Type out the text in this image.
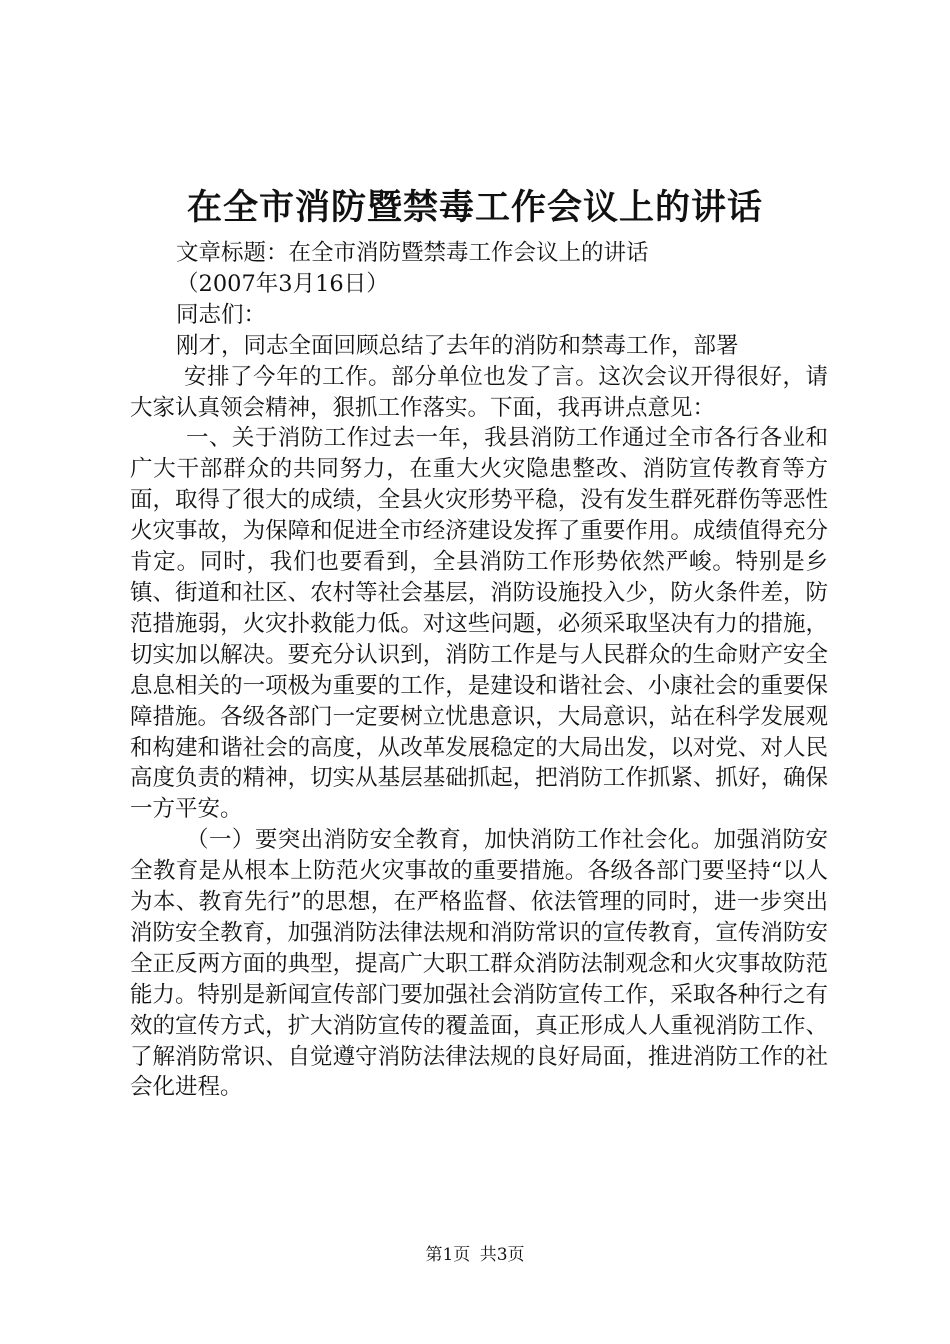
在全市消防暨禁毒工作会议上的讲话

文章标题：在全市消防暨禁毒工作会议上的讲话

（2007年3月16日）

同志们：

刚才，同志全面回顾总结了去年的消防和禁毒工作，部署

安排了今年的工作。部分单位也发了言。这次会议开得很好，请大家认真领会精神，狠抓工作落实。下面，我再讲点意见：

一、关于消防工作过去一年，我县消防工作通过全市各行各业和广大干部群众的共同努力，在重大火灾隐患整改、消防宣传教育等方面，取得了很大的成绩，全县火灾形势平稳，没有发生群死群伤等恶性火灾事故，为保障和促进全市经济建设发挥了重要作用。成绩值得充分肯定。同时，我们也要看到，全县消防工作形势依然严峻。特别是乡镇、街道和社区、农村等社会基层，消防设施投入少，防火条件差，防范措施弱，火灾扑救能力低。对这些问题，必须采取坚决有力的措施，切实加以解决。要充分认识到，消防工作是与人民群众的生命财产安全息息相关的一项极为重要的工作，是建设和谐社会、小康社会的重要保障措施。各级各部门一定要树立忧患意识，大局意识，站在科学发展观和构建和谐社会的高度，从改革发展稳定的大局出发，以对党、对人民高度负责的精神，切实从基层基础抓起，把消防工作抓紧、抓好，确保一方平安。

（一）要突出消防安全教育，加快消防工作社会化。加强消防安全教育是从根本上防范火灾事故的重要措施。各级各部门要坚持“以人为本、教育先行”的思想，在严格监督、依法管理的同时，进一步突出消防安全教育，加强消防法律法规和消防常识的宣传教育，宣传消防安全正反两方面的典型，提高广大职工群众消防法制观念和火灾事故防范能力。特别是新闻宣传部门要加强社会消防宣传工作，采取各种行之有效的宣传方式，扩大消防宣传的覆盖面，真正形成人人重视消防工作、了解消防常识、自觉遵守消防法律法规的良好局面，推进消防工作的社会化进程。

第1页 共3页
